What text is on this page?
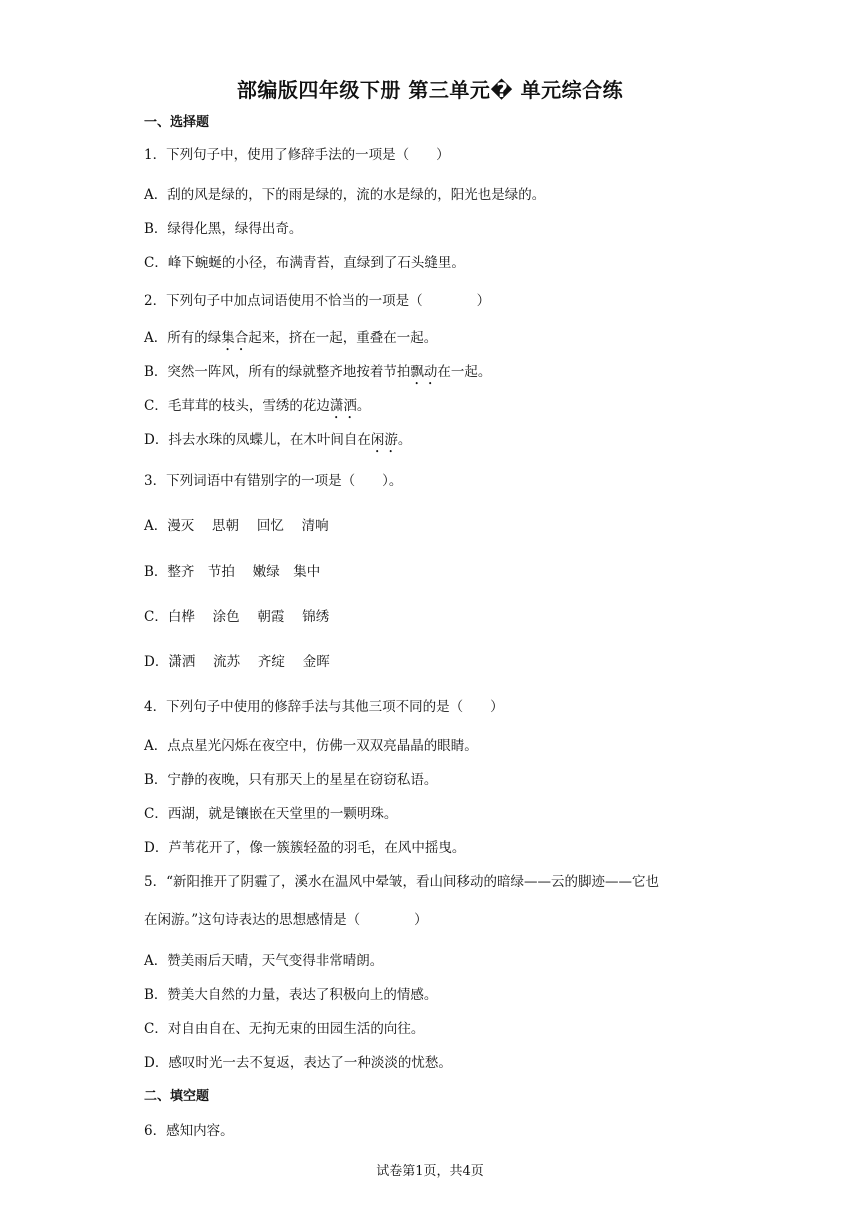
部编版四年级下册 第三单元� 单元综合练
一、选择题
1．下列句子中，使用了修辞手法的一项是（　　）
A．刮的风是绿的，下的雨是绿的，流的水是绿的，阳光也是绿的。
B．绿得化黑，绿得出奇。
C．峰下蜿蜒的小径，布满青苔，直绿到了石头缝里。
2．下列句子中加点词语使用不恰当的一项是（　　　　）
A．所有的绿集合起来，挤在一起，重叠在一起。
B．突然一阵风，所有的绿就整齐地按着节拍飘动在一起。
C．毛茸茸的枝头，雪绣的花边潇洒。
D．抖去水珠的凤蝶儿，在木叶间自在闲游。
3．下列词语中有错别字的一项是（　　）。
A．漫灭　 思朝　 回忆　 清响
B．整齐　节拍　 嫩绿　集中
C．白桦　 涂色　 朝霞　 锦绣
D．潇洒　 流苏　 齐绽　 金晖
4．下列句子中使用的修辞手法与其他三项不同的是（　　）
A．点点星光闪烁在夜空中，仿佛一双双亮晶晶的眼睛。
B．宁静的夜晚，只有那天上的星星在窃窃私语。
C．西湖，就是镶嵌在天堂里的一颗明珠。
D．芦苇花开了，像一簇簇轻盈的羽毛，在风中摇曳。
5．“新阳推开了阴霾了，溪水在温风中晕皱，看山间移动的暗绿——云的脚迹——它也
在闲游。”这句诗表达的思想感情是（　　　　）
A．赞美雨后天晴，天气变得非常晴朗。
B．赞美大自然的力量，表达了积极向上的情感。
C．对自由自在、无拘无束的田园生活的向往。
D．感叹时光一去不复返，表达了一种淡淡的忧愁。
二、填空题
6．感知内容。
试卷第1页，共4页
